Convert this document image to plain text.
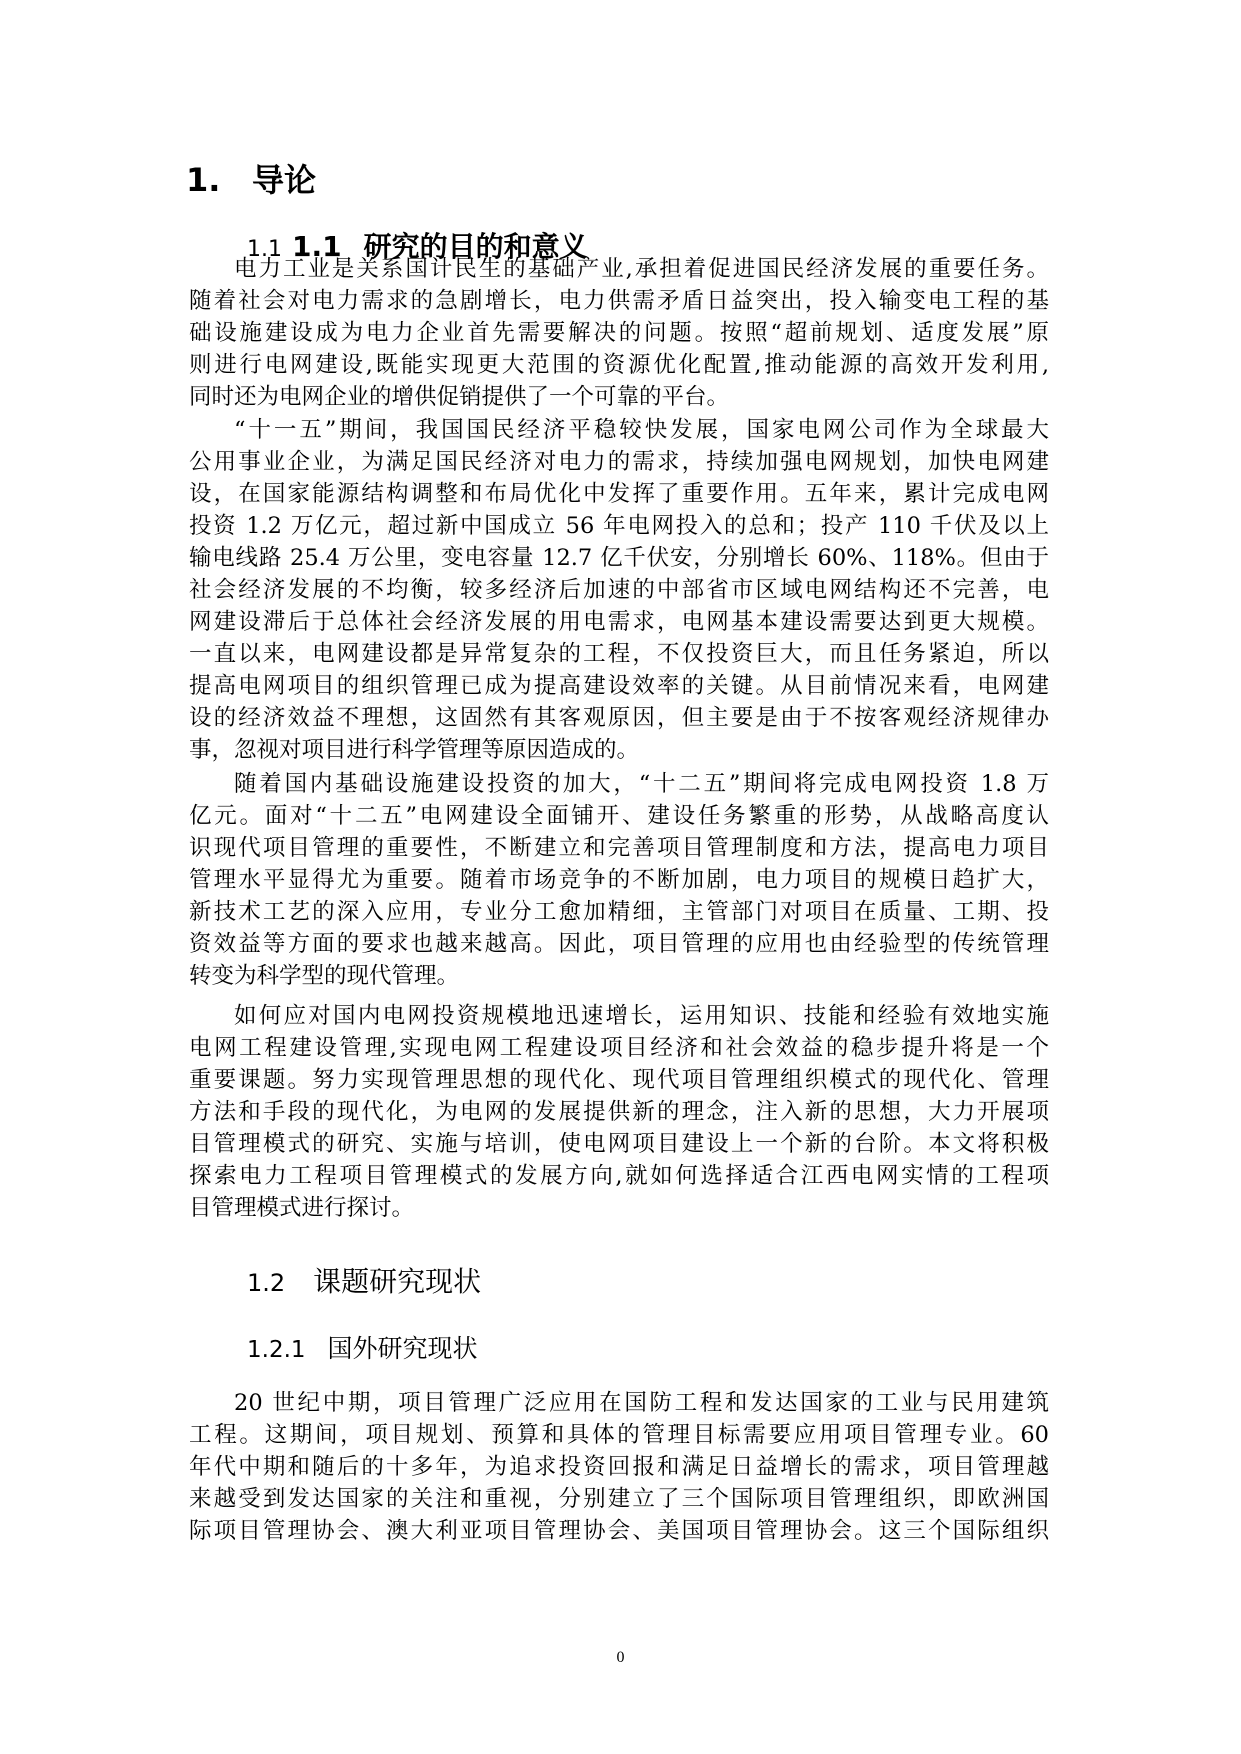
1. 导论
1.1 1.1 研究的目的和意义
电力工业是关系国计民生的基础产业,承担着促进国民经济发展的重要任务。
随着社会对电力需求的急剧增长，电力供需矛盾日益突出，投入输变电工程的基
础设施建设成为电力企业首先需要解决的问题。按照“超前规划、适度发展”原
则进行电网建设,既能实现更大范围的资源优化配置,推动能源的高效开发利用,
同时还为电网企业的增供促销提供了一个可靠的平台。
“十一五”期间，我国国民经济平稳较快发展，国家电网公司作为全球最大
公用事业企业，为满足国民经济对电力的需求，持续加强电网规划，加快电网建
设，在国家能源结构调整和布局优化中发挥了重要作用。五年来，累计完成电网
投资 1.2 万亿元，超过新中国成立 56 年电网投入的总和；投产 110 千伏及以上
输电线路 25.4 万公里，变电容量 12.7 亿千伏安，分别增长 60%、118%。但由于
社会经济发展的不均衡，较多经济后加速的中部省市区域电网结构还不完善，电
网建设滞后于总体社会经济发展的用电需求，电网基本建设需要达到更大规模。
一直以来，电网建设都是异常复杂的工程，不仅投资巨大，而且任务紧迫，所以
提高电网项目的组织管理已成为提高建设效率的关键。从目前情况来看，电网建
设的经济效益不理想，这固然有其客观原因，但主要是由于不按客观经济规律办
事，忽视对项目进行科学管理等原因造成的。
随着国内基础设施建设投资的加大，“十二五”期间将完成电网投资 1.8 万
亿元。面对“十二五”电网建设全面铺开、建设任务繁重的形势，从战略高度认
识现代项目管理的重要性，不断建立和完善项目管理制度和方法，提高电力项目
管理水平显得尤为重要。随着市场竞争的不断加剧，电力项目的规模日趋扩大，
新技术工艺的深入应用，专业分工愈加精细，主管部门对项目在质量、工期、投
资效益等方面的要求也越来越高。因此，项目管理的应用也由经验型的传统管理
转变为科学型的现代管理。
如何应对国内电网投资规模地迅速增长，运用知识、技能和经验有效地实施
电网工程建设管理,实现电网工程建设项目经济和社会效益的稳步提升将是一个
重要课题。努力实现管理思想的现代化、现代项目管理组织模式的现代化、管理
方法和手段的现代化，为电网的发展提供新的理念，注入新的思想，大力开展项
目管理模式的研究、实施与培训，使电网项目建设上一个新的台阶。本文将积极
探索电力工程项目管理模式的发展方向,就如何选择适合江西电网实情的工程项
目管理模式进行探讨。
1.2 课题研究现状
1.2.1 国外研究现状
20 世纪中期，项目管理广泛应用在国防工程和发达国家的工业与民用建筑
工程。这期间，项目规划、预算和具体的管理目标需要应用项目管理专业。60
年代中期和随后的十多年，为追求投资回报和满足日益增长的需求，项目管理越
来越受到发达国家的关注和重视，分别建立了三个国际项目管理组织，即欧洲国
际项目管理协会、澳大利亚项目管理协会、美国项目管理协会。这三个国际组织
0
